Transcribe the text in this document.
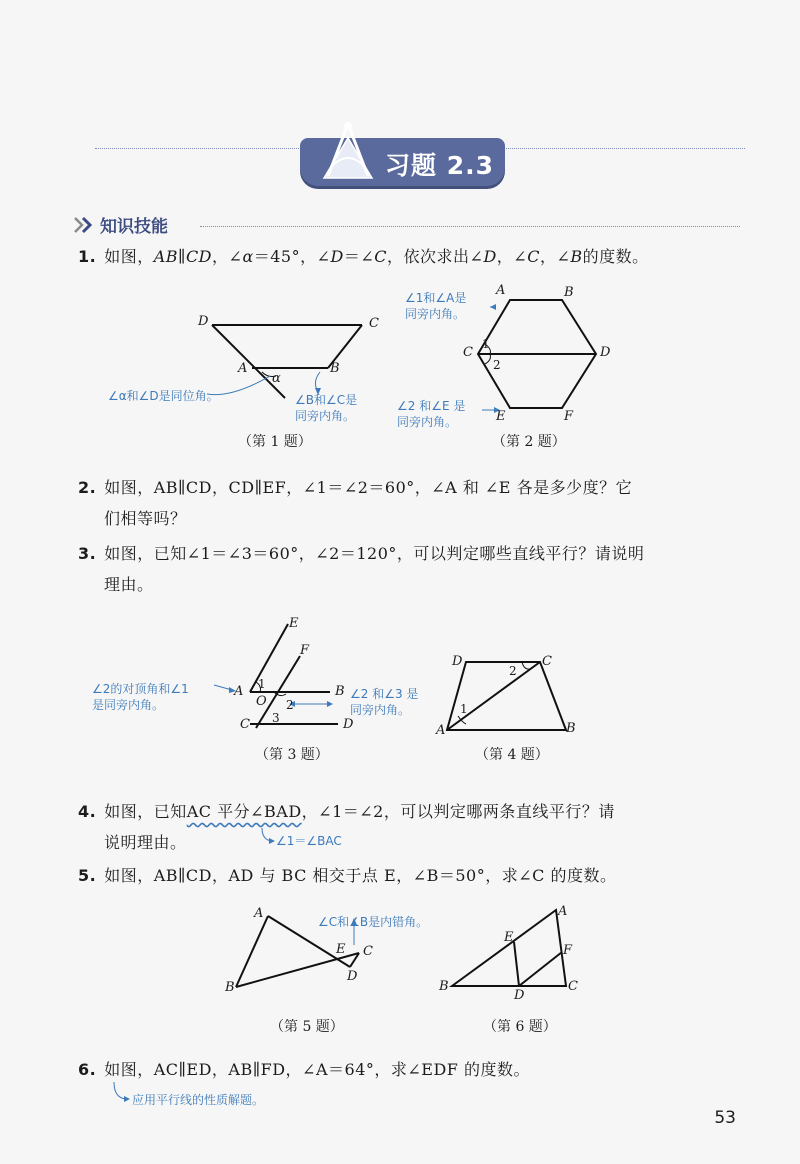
习题 2.3
知识技能
1. 如图，AB∥CD，∠α＝45°，∠D＝∠C，依次求出∠D，∠C，∠B的度数。
D	C
A	B
α
∠α和∠D是同位角。	∠B和∠C是
同旁内角。
（第 1 题）
A	B
C	D
E	F
1
2
∠1和∠A是
同旁内角。
∠2 和∠E 是
同旁内角。
（第 2 题）
2. 如图，AB∥CD，CD∥EF，∠1＝∠2＝60°，∠A 和 ∠E 各是多少度？它
们相等吗？
3. 如图，已知∠1＝∠3＝60°，∠2＝120°，可以判定哪些直线平行？请说明
理由。
E
F
A	B
O
C	D
1
2
3
∠2的对顶角和∠1
是同旁内角。
∠2 和∠3 是
同旁内角。
（第 3 题）
D	C
A	B
1
2
（第 4 题）
4. 如图，已知AC 平分∠BAD，∠1＝∠2，可以判定哪两条直线平行？请
说明理由。	∠1＝∠BAC
5. 如图，AB∥CD，AD 与 BC 相交于点 E，∠B＝50°，求∠C 的度数。
A
B
E C
D
∠C和∠B是内错角。
（第 5 题）
A
E
F
B
D
C
（第 6 题）
6. 如图，AC∥ED，AB∥FD，∠A＝64°，求∠EDF 的度数。
应用平行线的性质解题。
53
